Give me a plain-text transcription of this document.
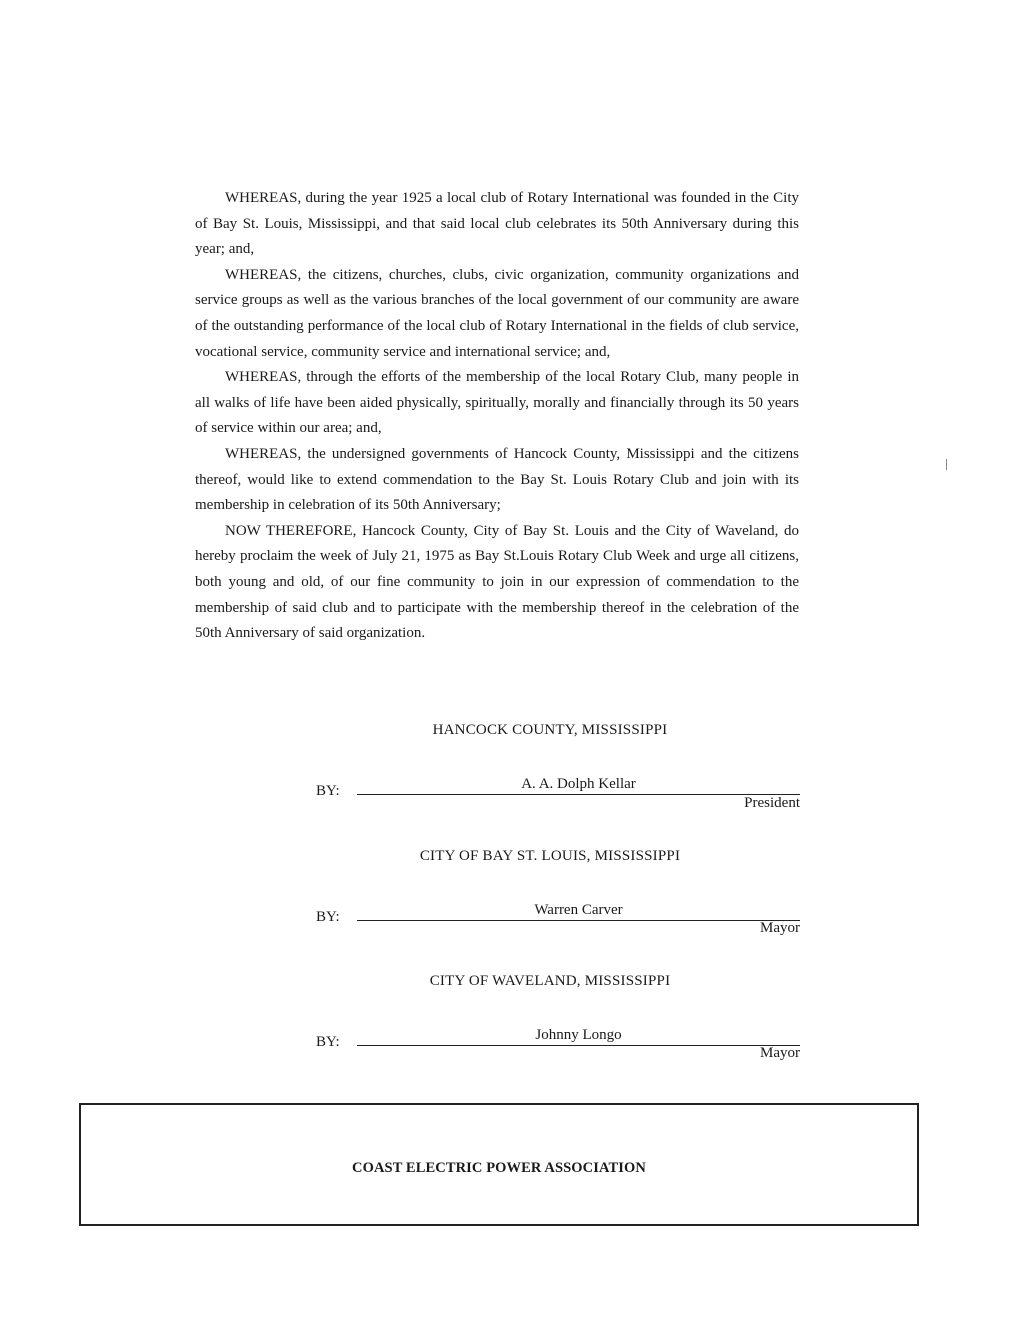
WHEREAS, during the year 1925 a local club of Rotary International was founded in the City of Bay St. Louis, Mississippi, and that said local club celebrates its 50th Anniversary during this year; and,

WHEREAS, the citizens, churches, clubs, civic organization, community organizations and service groups as well as the various branches of the local government of our community are aware of the outstanding performance of the local club of Rotary International in the fields of club service, vocational service, community service and international service; and,

WHEREAS, through the efforts of the membership of the local Rotary Club, many people in all walks of life have been aided physically, spiritually, morally and financially through its 50 years of service within our area; and,

WHEREAS, the undersigned governments of Hancock County, Mississippi and the citizens thereof, would like to extend commendation to the Bay St. Louis Rotary Club and join with its membership in celebration of its 50th Anniversary;

NOW THEREFORE, Hancock County, City of Bay St. Louis and the City of Waveland, do hereby proclaim the week of July 21, 1975 as Bay St.Louis Rotary Club Week and urge all citizens, both young and old, of our fine community to join in our expression of commendation to the membership of said club and to participate with the membership thereof in the celebration of the 50th Anniversary of said organization.

HANCOCK COUNTY, MISSISSIPPI
BY:	A. A. Dolph Kellar
President
CITY OF BAY ST. LOUIS, MISSISSIPPI
BY:	Warren Carver
Mayor
CITY OF WAVELAND, MISSISSIPPI
BY:	Johnny Longo
Mayor
COAST ELECTRIC POWER ASSOCIATION
